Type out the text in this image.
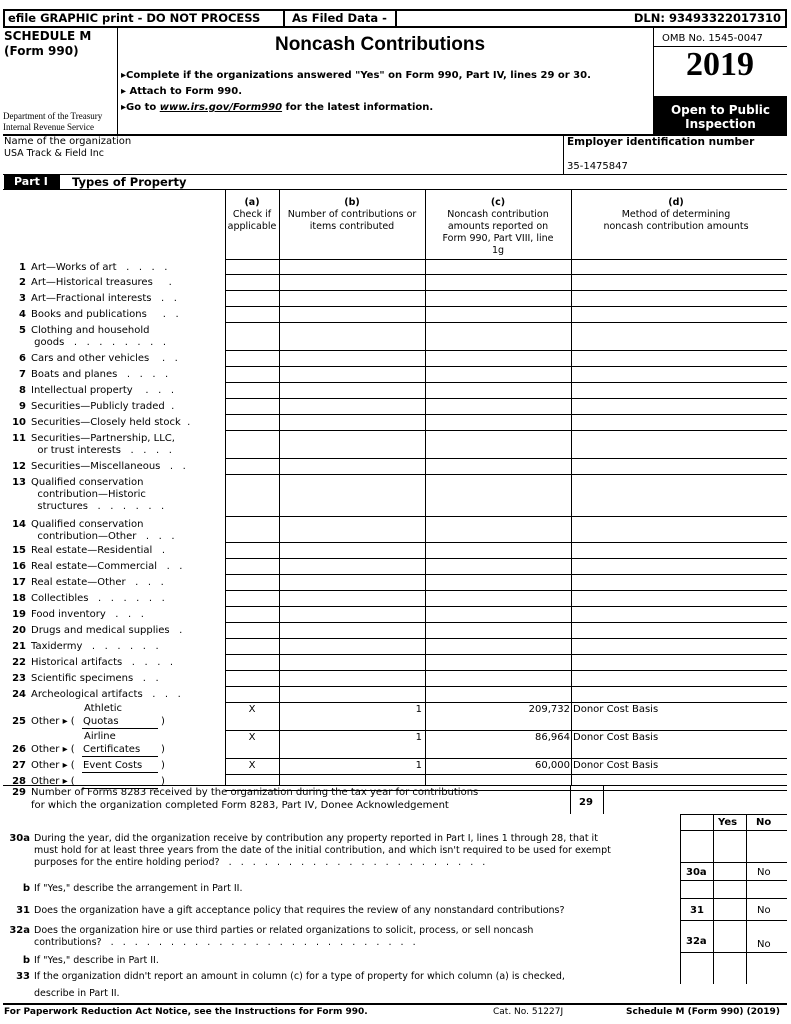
efile GRAPHIC print - DO NOT PROCESS	As Filed Data -	DLN: 93493322017310
SCHEDULE M
(Form 990)
Department of the Treasury
Internal Revenue Service
Noncash Contributions
▸Complete if the organizations answered "Yes" on Form 990, Part IV, lines 29 or 30.
▸ Attach to Form 990.
▸Go to www.irs.gov/Form990 for the latest information.
OMB No. 1545-0047
2019
Open to Public
Inspection
Name of the organization
USA Track & Field Inc
Employer identification number
35-1475847
Part I	Types of Property
(a)
Check if
applicable
(b)
Number of contributions or
items contributed
(c)
Noncash contribution
amounts reported on
Form 990, Part VIII, line
1g
(d)
Method of determining
noncash contribution amounts
1 Art—Works of art   .   .   .   .
2 Art—Historical treasures     .
3 Art—Fractional interests   .   .
4 Books and publications     .   .
5 Clothing and household
goods   .   .   .   .   .   .   .   .
6 Cars and other vehicles    .   .
7 Boats and planes   .   .   .   .
8 Intellectual property    .   .   .
9 Securities—Publicly traded  .
10 Securities—Closely held stock  .
11 Securities—Partnership, LLC,
or trust interests   .   .   .   .
12 Securities—Miscellaneous   .   .
13 Qualified conservation
contribution—Historic
structures   .   .   .   .   .   .
14 Qualified conservation
contribution—Other   .   .   .
15 Real estate—Residential   .
16 Real estate—Commercial   .   .
17 Real estate—Other   .   .   .
18 Collectibles   .   .   .   .   .   .
19 Food inventory   .   .   .
20 Drugs and medical supplies   .
21 Taxidermy   .   .   .   .   .   .
22 Historical artifacts   .   .   .   .
23 Scientific specimens   .   .
24 Archeological artifacts   .   .   .
Athletic
25 Other ▸ ( Quotas	)
X	1	209,732 Donor Cost Basis
Airline
26 Other ▸ ( Certificates	)
X	1	86,964 Donor Cost Basis
27 Other ▸ ( Event Costs	)	X	1	60,000 Donor Cost Basis
28 Other ▸ (	)
29 Number of Forms 8283 received by the organization during the tax year for contributions
for which the organization completed Form 8283, Part IV, Donee Acknowledgement	29
Yes No
30a During the year, did the organization receive by contribution any property reported in Part I, lines 1 through 28, that it
must hold for at least three years from the date of the initial contribution, and which isn't required to be used for exempt
purposes for the entire holding period?   .   .   .   .   .   .   .   .   .   .   .   .   .   .   .   .   .   .   .   .   .   .
30a	No
b If "Yes," describe the arrangement in Part II.
31 Does the organization have a gift acceptance policy that requires the review of any nonstandard contributions?	31	No
32a Does the organization hire or use third parties or related organizations to solicit, process, or sell noncash
contributions?   .   .   .   .   .   .   .   .   .   .   .   .   .   .   .   .   .   .   .   .   .   .   .   .   .   .	32a	No
b If "Yes," describe in Part II.
33 If the organization didn't report an amount in column (c) for a type of property for which column (a) is checked,
describe in Part II.
For Paperwork Reduction Act Notice, see the Instructions for Form 990.	Cat. No. 51227J	Schedule M (Form 990) (2019)
